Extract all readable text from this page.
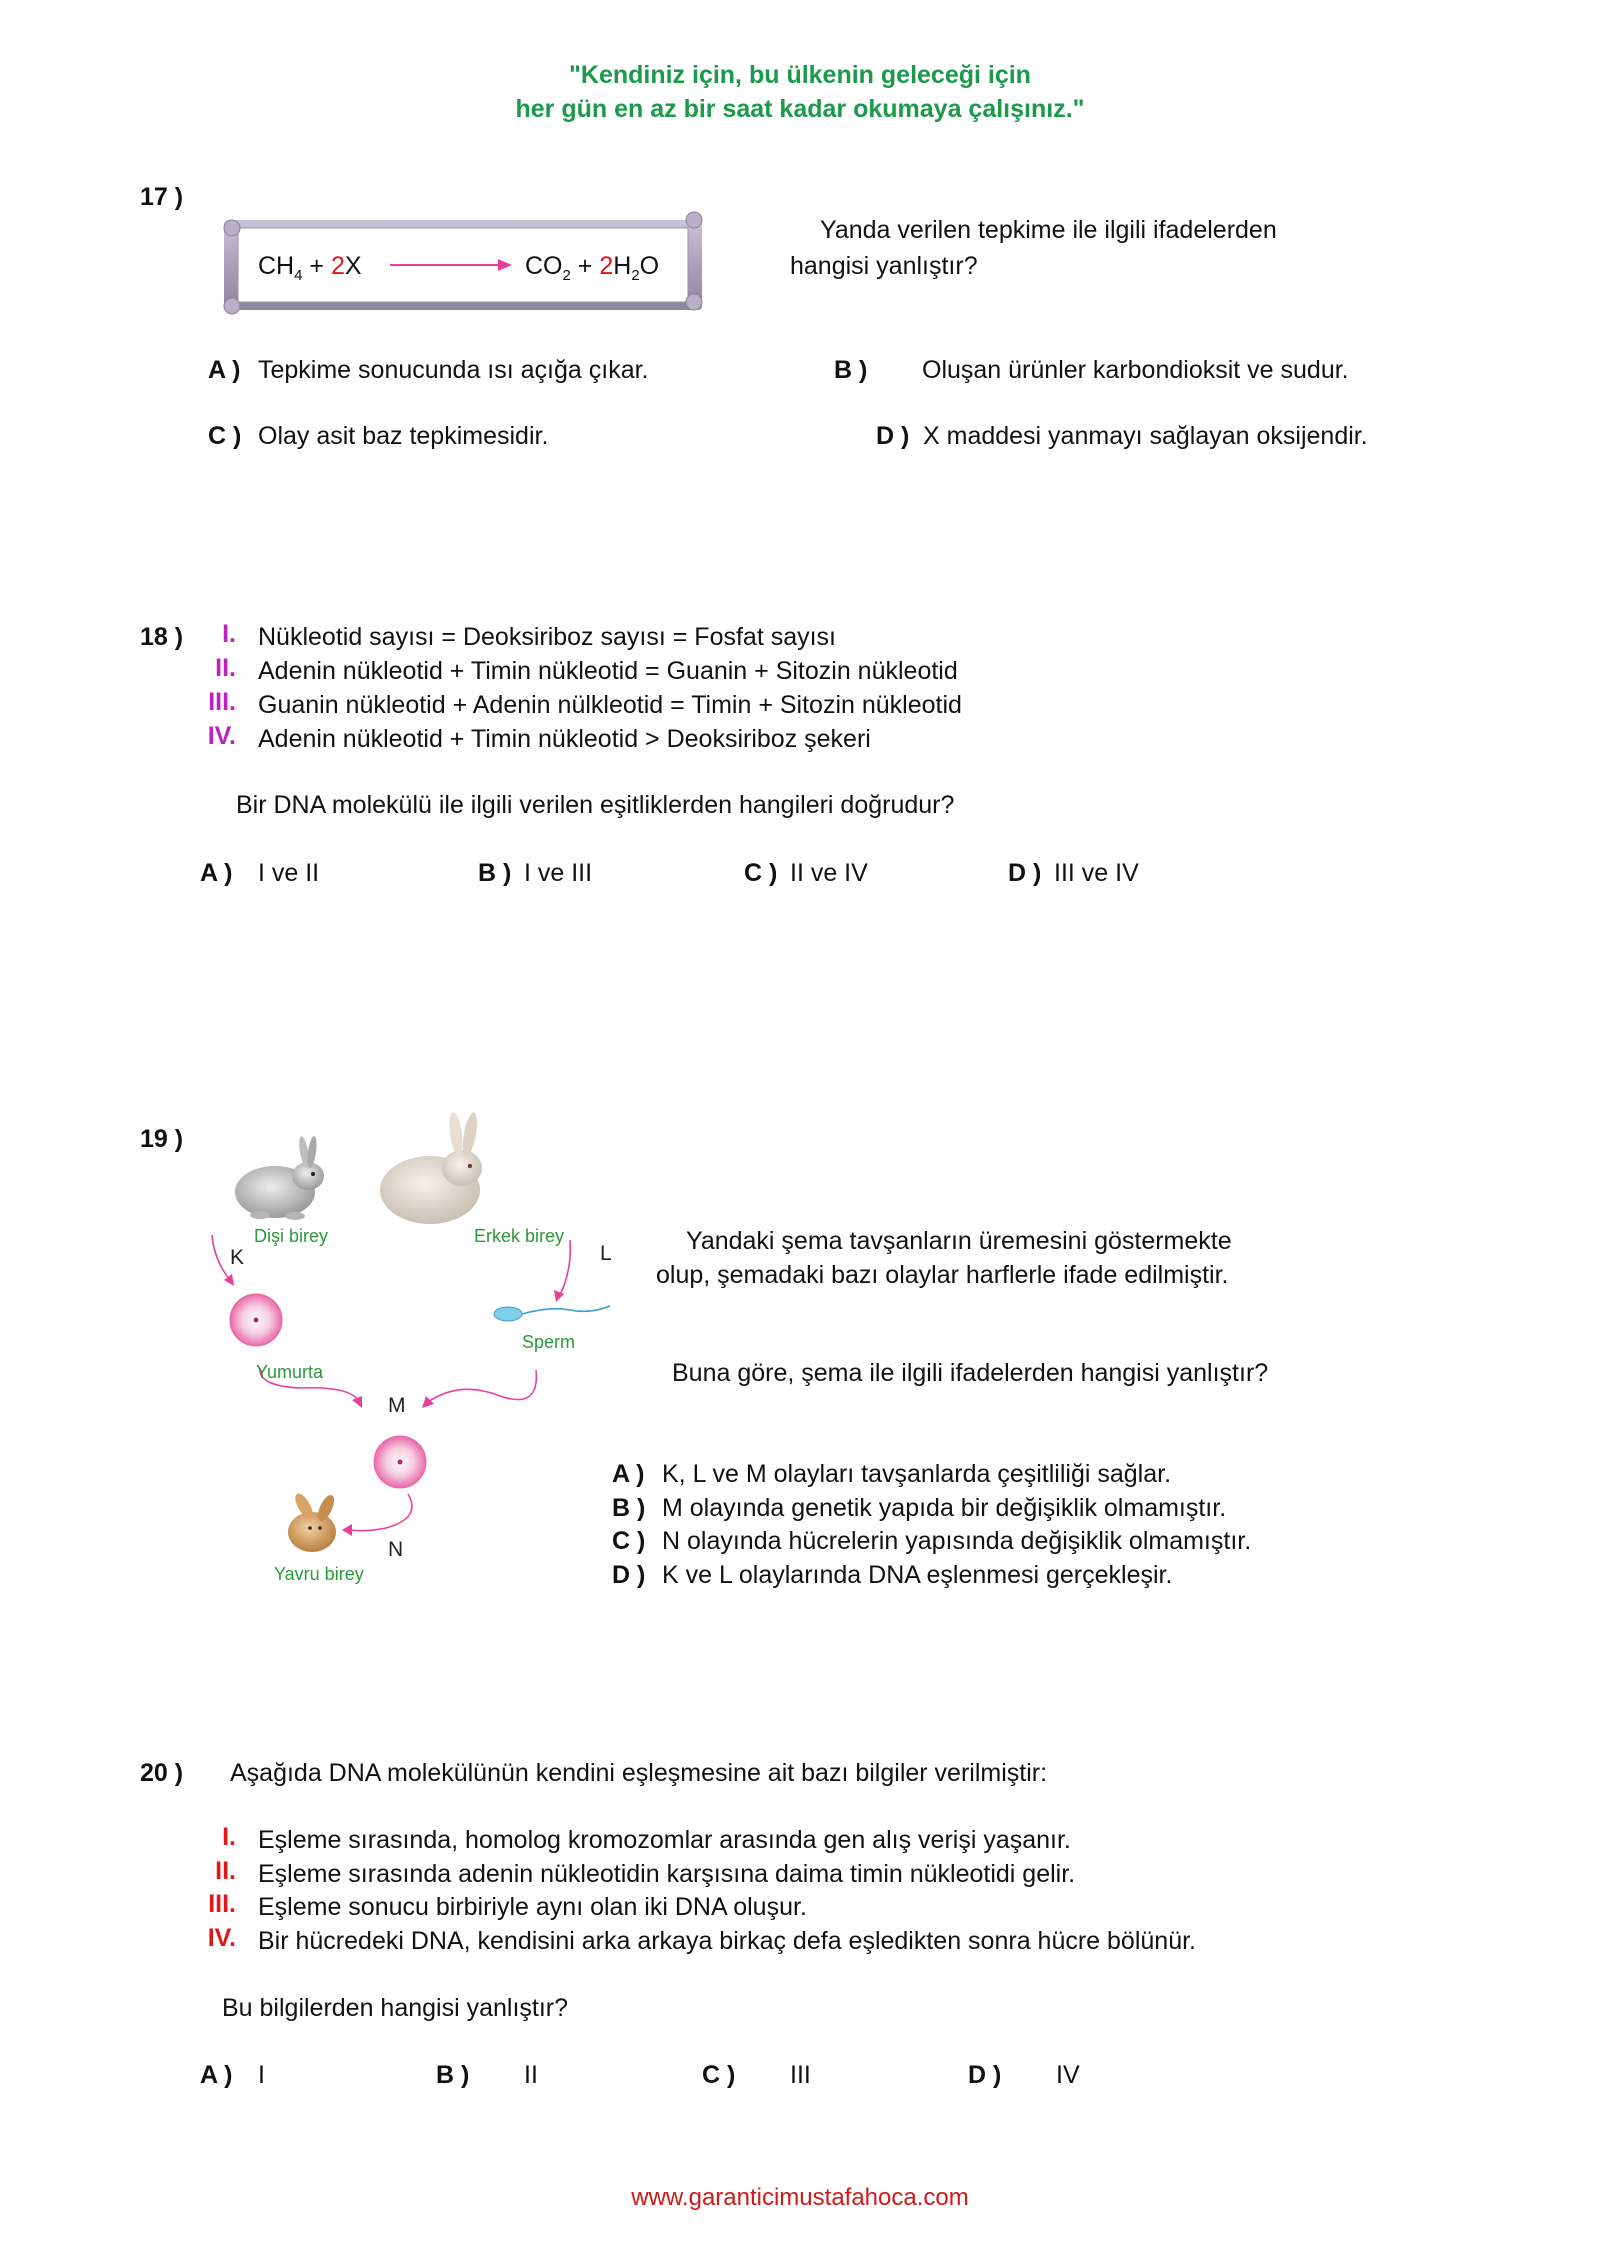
"Kendiniz için, bu ülkenin geleceği için
her gün en az bir saat kadar okumaya çalışınız."
17 )
$CH_4 + 2X$	$CO_2 + 2H_2O$
Yanda verilen tepkime ile ilgili ifadelerden
hangisi yanlıştır?
A ) Tepkime sonucunda ısı açığa çıkar.	B ) Oluşan ürünler karbondioksit ve sudur.
C ) Olay asit baz tepkimesidir.	D ) X maddesi yanmayı sağlayan oksijendir.
18 )	I. Nükleotid sayısı = Deoksiriboz sayısı = Fosfat sayısı
II. Adenin nükleotid + Timin nükleotid = Guanin + Sitozin nükleotid
III. Guanin nükleotid + Adenin nülkleotid = Timin + Sitozin nükleotid
IV. Adenin nükleotid + Timin nükleotid > Deoksiriboz şekeri
Bir DNA molekülü ile ilgili verilen eşitliklerden hangileri doğrudur?
A ) I ve II	B ) I ve III	C ) II ve IV	D ) III ve IV
19 )
Dişi birey	Erkek birey
K	L
Sperm
Yumurta
M
N
Yavru birey
Yandaki şema tavşanların üremesini göstermekte
olup, şemadaki bazı olaylar harflerle ifade edilmiştir.
Buna göre, şema ile ilgili ifadelerden hangisi yanlıştır?
A ) K, L ve M olayları tavşanlarda çeşitliliği sağlar.
B ) M olayında genetik yapıda bir değişiklik olmamıştır.
C ) N olayında hücrelerin yapısında değişiklik olmamıştır.
D ) K ve L olaylarında DNA eşlenmesi gerçekleşir.
20 ) Aşağıda DNA molekülünün kendini eşleşmesine ait bazı bilgiler verilmiştir:
I. Eşleme sırasında, homolog kromozomlar arasında gen alış verişi yaşanır.
II. Eşleme sırasında adenin nükleotidin karşısına daima timin nükleotidi gelir.
III. Eşleme sonucu birbiriyle aynı olan iki DNA oluşur.
IV. Bir hücredeki DNA, kendisini arka arkaya birkaç defa eşledikten sonra hücre bölünür.
Bu bilgilerden hangisi yanlıştır?
A ) I	B ) II	C ) III	D ) IV
www.garanticimustafahoca.com
